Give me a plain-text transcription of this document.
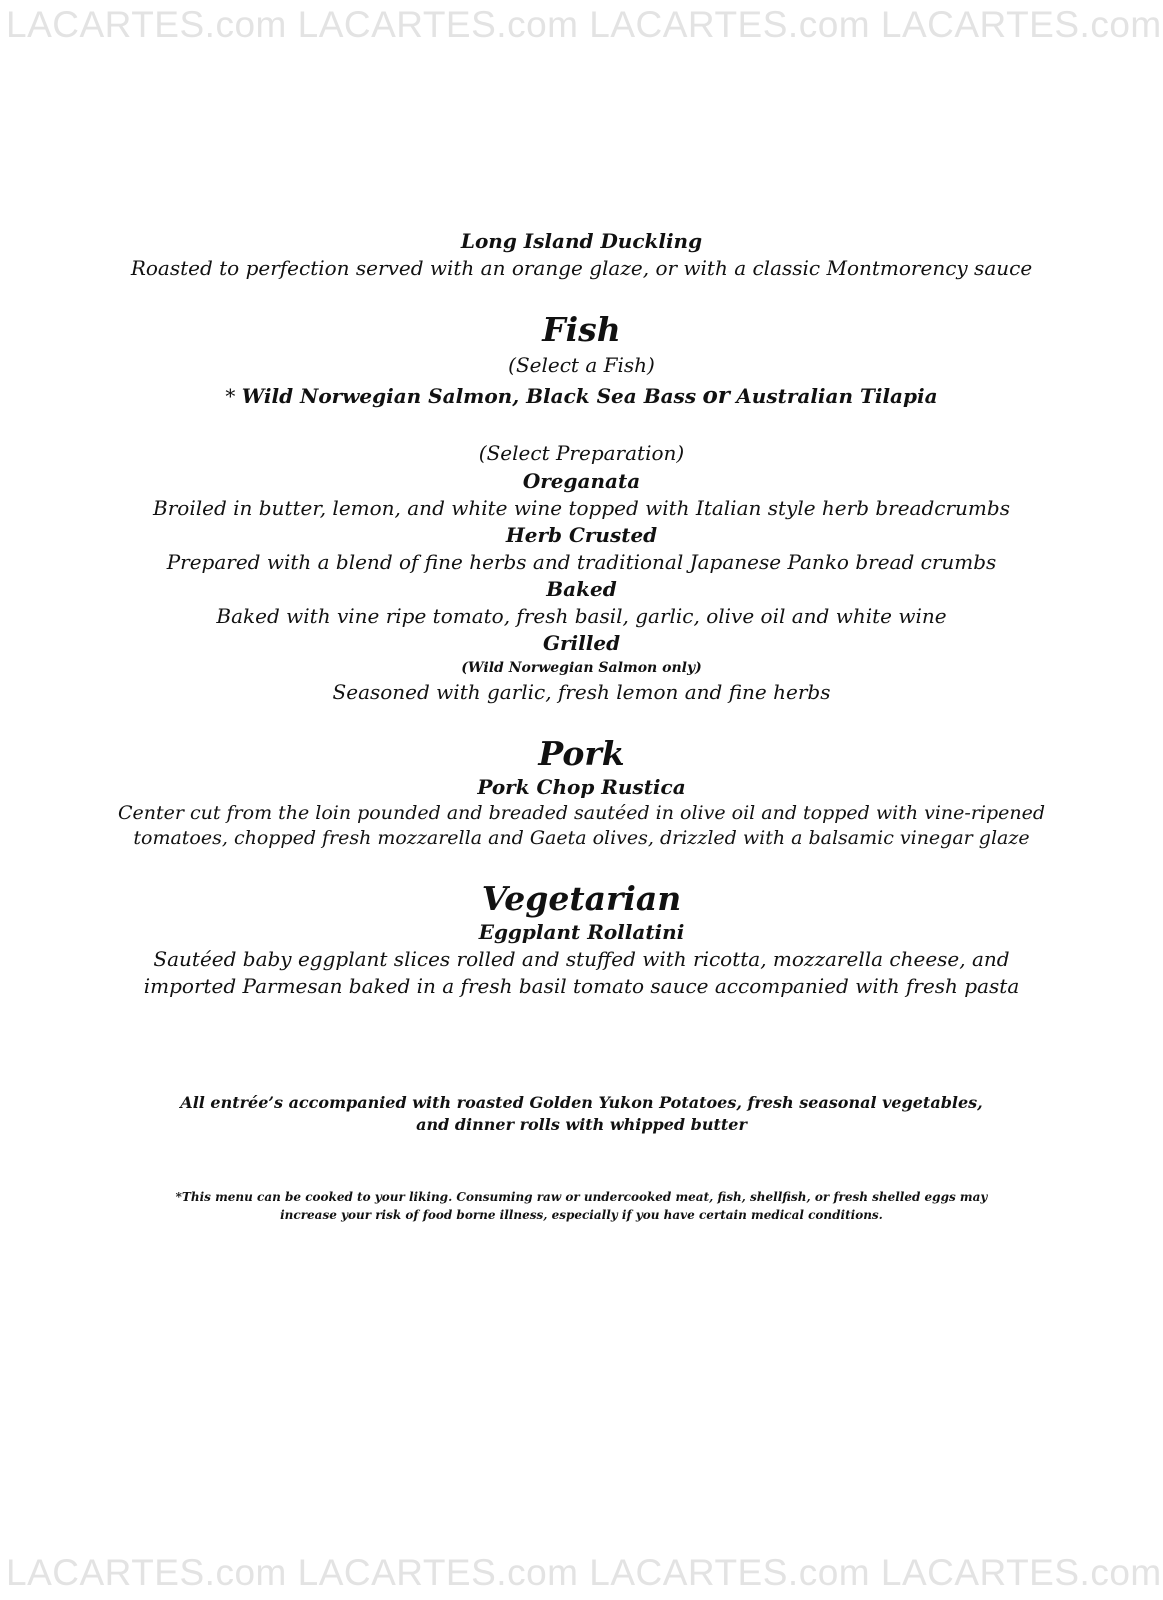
LACARTES.com LACARTES.com LACARTES.com LACARTES.com

Long Island Duckling

Roasted to perfection served with an orange glaze, or with a classic Montmorency sauce

Fish

(Select a Fish)

* Wild Norwegian Salmon, Black Sea Bass or Australian Tilapia

(Select Preparation)

Oreganata

Broiled in butter, lemon, and white wine topped with Italian style herb breadcrumbs

Herb Crusted

Prepared with a blend of fine herbs and traditional Japanese Panko bread crumbs

Baked

Baked with vine ripe tomato, fresh basil, garlic, olive oil and white wine

Grilled

(Wild Norwegian Salmon only)

Seasoned with garlic, fresh lemon and fine herbs

Pork

Pork Chop Rustica

Center cut from the loin pounded and breaded sautéed in olive oil and topped with vine-ripened

tomatoes, chopped fresh mozzarella and Gaeta olives, drizzled with a balsamic vinegar glaze

Vegetarian

Eggplant Rollatini

Sautéed baby eggplant slices rolled and stuffed with ricotta, mozzarella cheese, and

imported Parmesan baked in a fresh basil tomato sauce accompanied with fresh pasta

All entrée’s accompanied with roasted Golden Yukon Potatoes, fresh seasonal vegetables,
and dinner rolls with whipped butter
*This menu can be cooked to your liking. Consuming raw or undercooked meat, fish, shellfish, or fresh shelled eggs may
increase your risk of food borne illness, especially if you have certain medical conditions.
LACARTES.com LACARTES.com LACARTES.com LACARTES.com
